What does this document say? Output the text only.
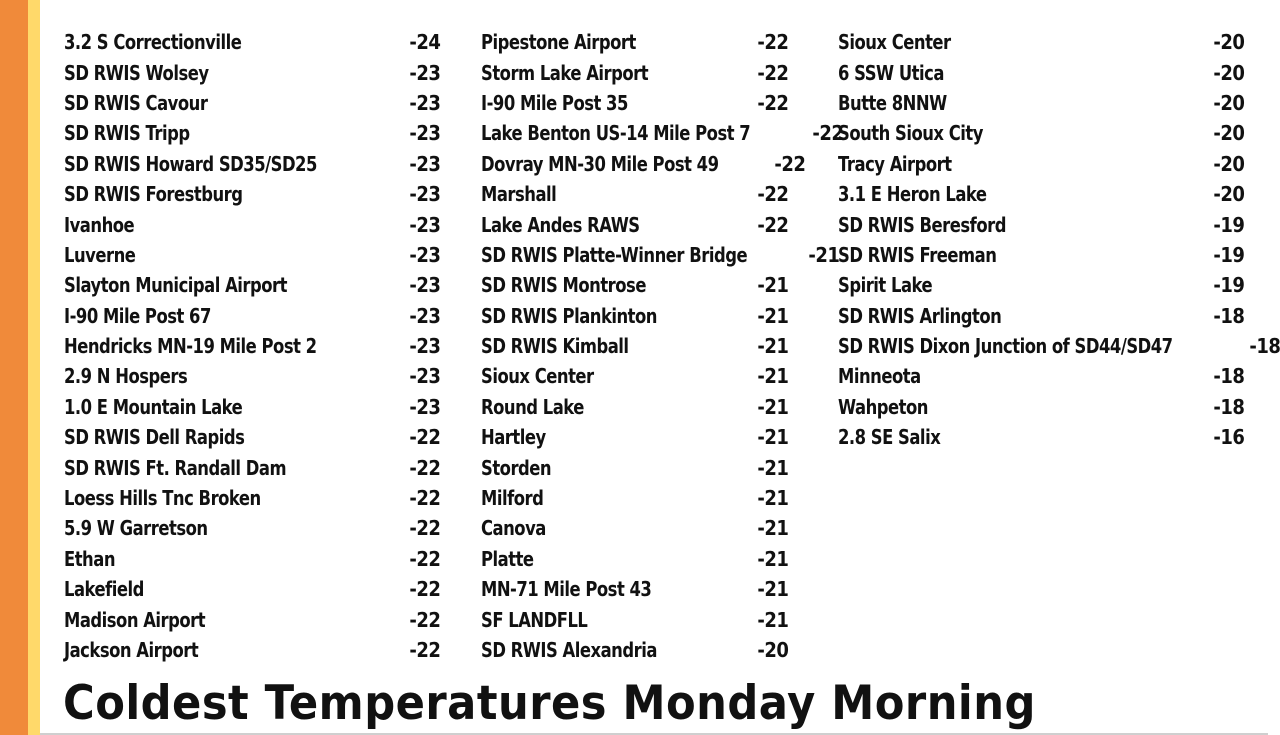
3.2 S Correctionville	-24
SD RWIS Wolsey	-23
SD RWIS Cavour	-23
SD RWIS Tripp	-23
SD RWIS Howard SD35/SD25	-23
SD RWIS Forestburg	-23
Ivanhoe	-23
Luverne	-23
Slayton Municipal Airport	-23
I-90 Mile Post 67	-23
Hendricks MN-19 Mile Post 2	-23
2.9 N Hospers	-23
1.0 E Mountain Lake	-23
SD RWIS Dell Rapids	-22
SD RWIS Ft. Randall Dam	-22
Loess Hills Tnc Broken	-22
5.9 W Garretson	-22
Ethan	-22
Lakefield	-22
Madison Airport	-22
Jackson Airport	-22
Pipestone Airport	-22
Storm Lake Airport	-22
I-90 Mile Post 35	-22
Lake Benton US-14 Mile Post 7	-22
Dovray MN-30 Mile Post 49	-22
Marshall	-22
Lake Andes RAWS	-22
SD RWIS Platte-Winner Bridge	-21
SD RWIS Montrose	-21
SD RWIS Plankinton	-21
SD RWIS Kimball	-21
Sioux Center	-21
Round Lake	-21
Hartley	-21
Storden	-21
Milford	-21
Canova	-21
Platte	-21
MN-71 Mile Post 43	-21
SF LANDFLL	-21
SD RWIS Alexandria	-20
Sioux Center	-20
6 SSW Utica	-20
Butte 8NNW	-20
South Sioux City	-20
Tracy Airport	-20
3.1 E Heron Lake	-20
SD RWIS Beresford	-19
SD RWIS Freeman	-19
Spirit Lake	-19
SD RWIS Arlington	-18
SD RWIS Dixon Junction of SD44/SD47	-18
Minneota	-18
Wahpeton	-18
2.8 SE Salix	-16
Coldest Temperatures Monday Morning
